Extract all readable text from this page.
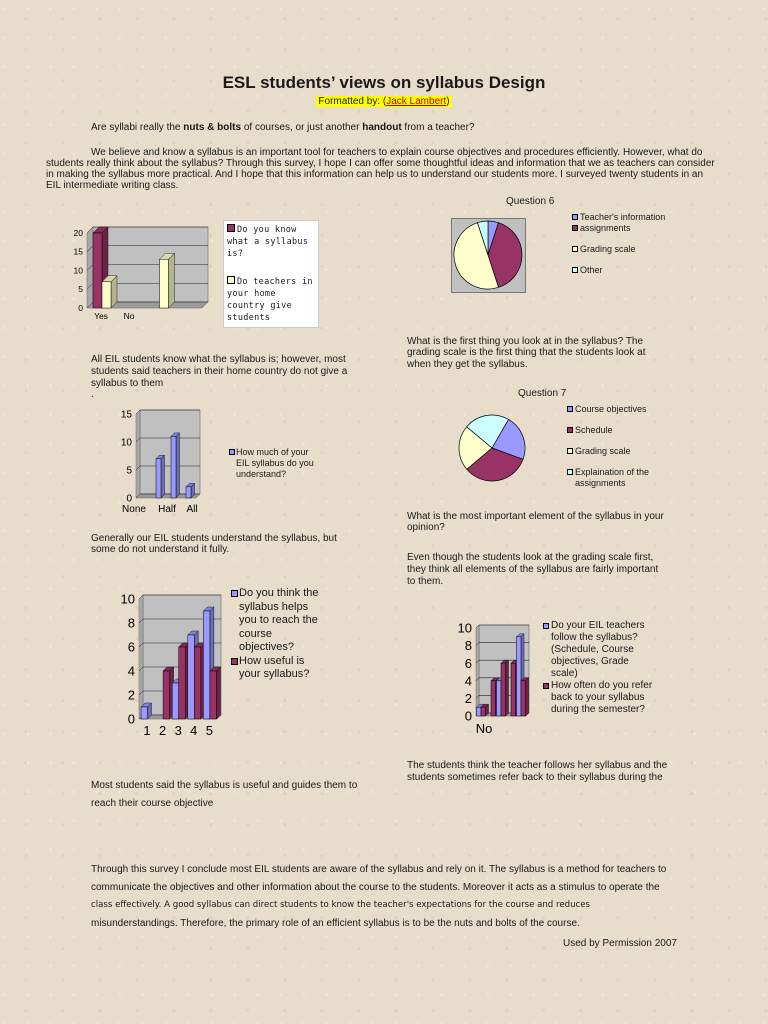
ESL students’ views on syllabus Design
Formatted by: (Jack Lambert)
Are syllabi really the nuts & bolts of courses, or just another handout from a teacher?
We believe and know a syllabus is an important tool for teachers to explain course objectives and procedures efficiently. However, what do
students really think about the syllabus? Through this survey, I hope I can offer some thoughtful ideas and information that we as teachers can consider
in making the syllabus more practical. And I hope that this information can help us to understand our students more. I surveyed twenty students in an
EIL intermediate writing class.
0
5
10
15
20
Yes No
Do you know what a syllabus is?
Do teachers in your home country give students
All EIL students know what the syllabus is; however, most
students said teachers in their home country do not give a
syllabus to them
.
0
5
10
15
None Half All
How much of your EIL syllabus do you understand?
Generally our EIL students understand the syllabus, but
some do not understand it fully.
0
2
4
6
8
10
1 2 3 4 5
Do you think the syllabus helps you to reach the course objectives?
How useful is your syllabus?
Most students said the syllabus is useful and guides them to
reach their course objective
Question 6
Teacher's information
assignments
Grading scale
Other
What is the first thing you look at in the syllabus? The
grading scale is the first thing that the students look at
when they get the syllabus.
Question 7
Course objectives
Schedule
Grading scale
Explaination of the assignments
What is the most important element of the syllabus in your
opinion?
Even though the students look at the grading scale first,
they think all elements of the syllabus are fairly important
to them.
0
2
4
6
8
10
No
Do your EIL teachers follow the syllabus? (Schedule, Course objectives, Grade scale)
How often do you refer back to your syllabus during the semester?
The students think the teacher follows her syllabus and the
students sometimes refer back to their syllabus during the
Through this survey I conclude most EIL students are aware of the syllabus and rely on it. The syllabus is a method for teachers to
communicate the objectives and other information about the course to the students. Moreover it acts as a stimulus to operate the
class effectively. A good syllabus can direct students to know the teacher's expectations for the course and reduces
misunderstandings. Therefore, the primary role of an efficient syllabus is to be the nuts and bolts of the course.
Used by Permission 2007
